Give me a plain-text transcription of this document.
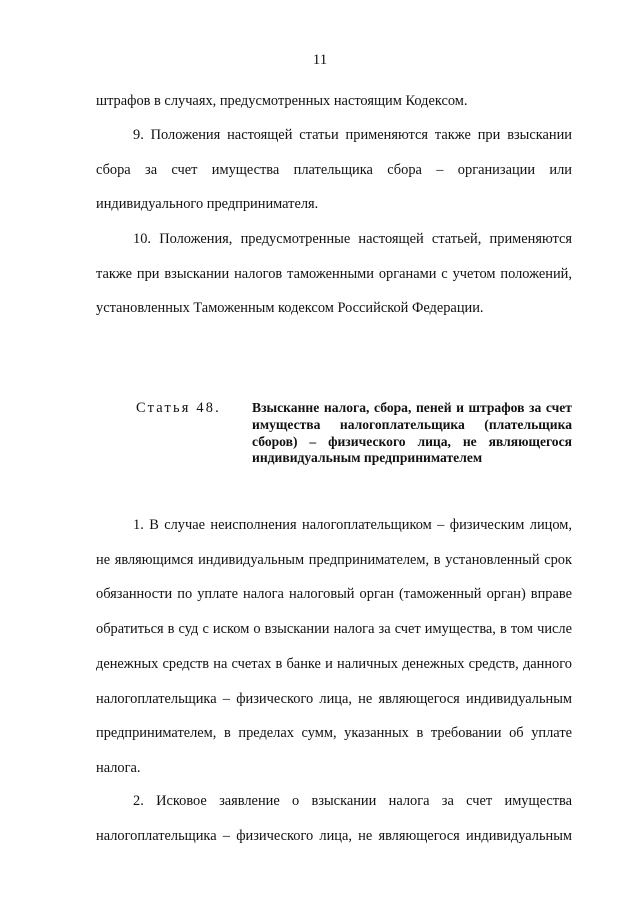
11

штрафов в случаях, предусмотренных настоящим Кодексом.

9. Положения настоящей статьи применяются также при взыскании сбора за счет имущества плательщика сбора – организации или индивидуального предпринимателя.

10. Положения, предусмотренные настоящей статьей, применяются также при взыскании налогов таможенными органами с учетом положений, установленных Таможенным кодексом Российской Федерации.

Статья 48. Взысканне налога, сбора, пеней и штрафов за счет имущества налогоплательщика (плательщика сборов) – физического лица, не являющегося индивидуальным предпринимателем

1. В случае неисполнения налогоплательщиком – физическим лицом, не являющимся индивидуальным предпринимателем, в установленный срок обязанности по уплате налога налоговый орган (таможенный орган) вправе обратиться в суд с иском о взыскании налога за счет имущества, в том числе денежных средств на счетах в банке и наличных денежных средств, данного налогоплательщика – физического лица, не являющегося индивидуальным предпринимателем, в пределах сумм, указанных в требовании об уплате налога.

2. Исковое заявление о взыскании налога за счет имущества налогоплательщика – физического лица, не являющегося индивидуальным
